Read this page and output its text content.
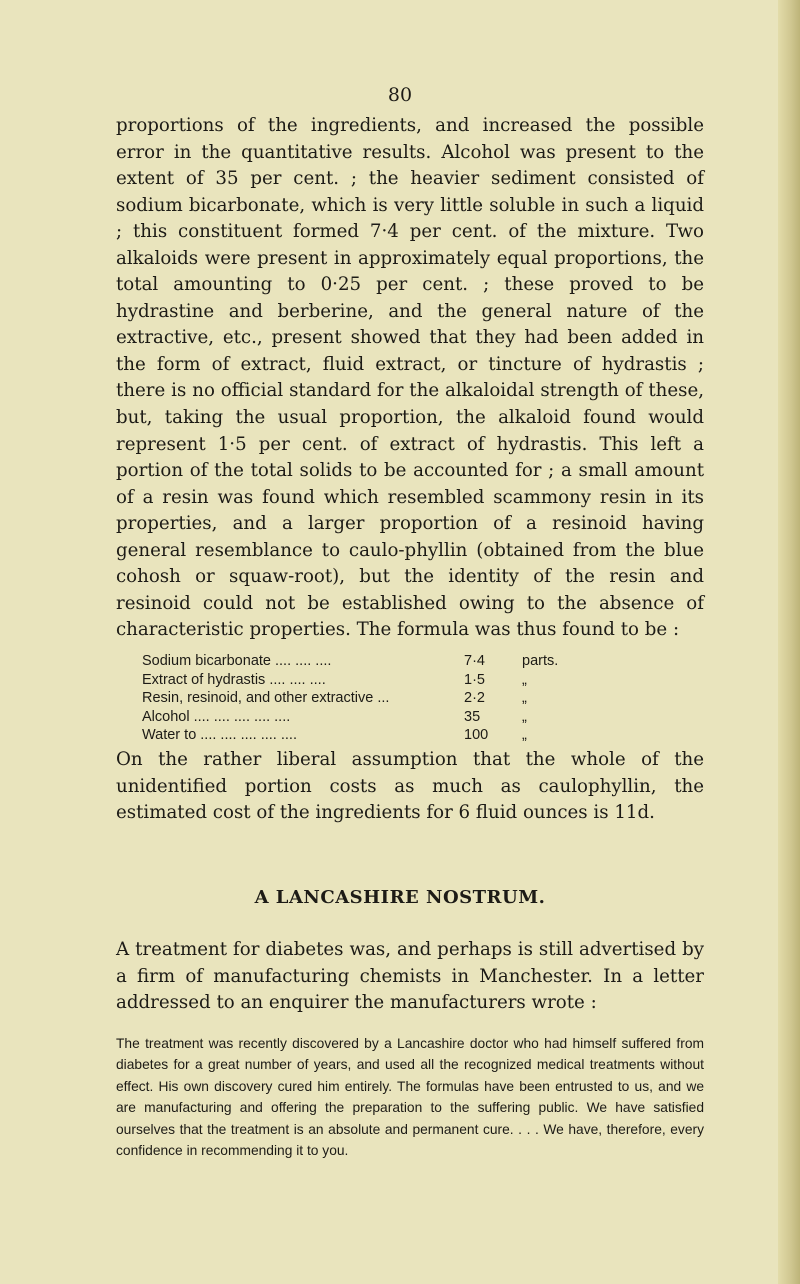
80

proportions of the ingredients, and increased the possible error in the quantitative results. Alcohol was present to the extent of 35 per cent. ; the heavier sediment consisted of sodium bicarbonate, which is very little soluble in such a liquid ; this constituent formed 7·4 per cent. of the mixture. Two alkaloids were present in approximately equal proportions, the total amounting to 0·25 per cent. ; these proved to be hydrastine and berberine, and the general nature of the extractive, etc., present showed that they had been added in the form of extract, fluid extract, or tincture of hydrastis ; there is no official standard for the alkaloidal strength of these, but, taking the usual proportion, the alkaloid found would represent 1·5 per cent. of extract of hydrastis. This left a portion of the total solids to be accounted for ; a small amount of a resin was found which resembled scammony resin in its properties, and a larger proportion of a resinoid having general resemblance to caulo-phyllin (obtained from the blue cohosh or squaw-root), but the identity of the resin and resinoid could not be established owing to the absence of characteristic properties. The formula was thus found to be :

Sodium bicarbonate .... .... ....	7·4	parts.
Extract of hydrastis .... .... ....	1·5	„
Resin, resinoid, and other extractive ...	2·2	„
Alcohol .... .... .... .... ....	35	„
Water to .... .... .... .... ....	100	„

On the rather liberal assumption that the whole of the unidentified portion costs as much as caulophyllin, the estimated cost of the ingredients for 6 fluid ounces is 11d.

A LANCASHIRE NOSTRUM.

A treatment for diabetes was, and perhaps is still advertised by a firm of manufacturing chemists in Manchester. In a letter addressed to an enquirer the manufacturers wrote :

The treatment was recently discovered by a Lancashire doctor who had himself suffered from diabetes for a great number of years, and used all the recognized medical treatments without effect. His own discovery cured him entirely. The formulas have been entrusted to us, and we are manufacturing and offering the preparation to the suffering public. We have satisfied ourselves that the treatment is an absolute and permanent cure. . . . We have, therefore, every confidence in recommending it to you.
